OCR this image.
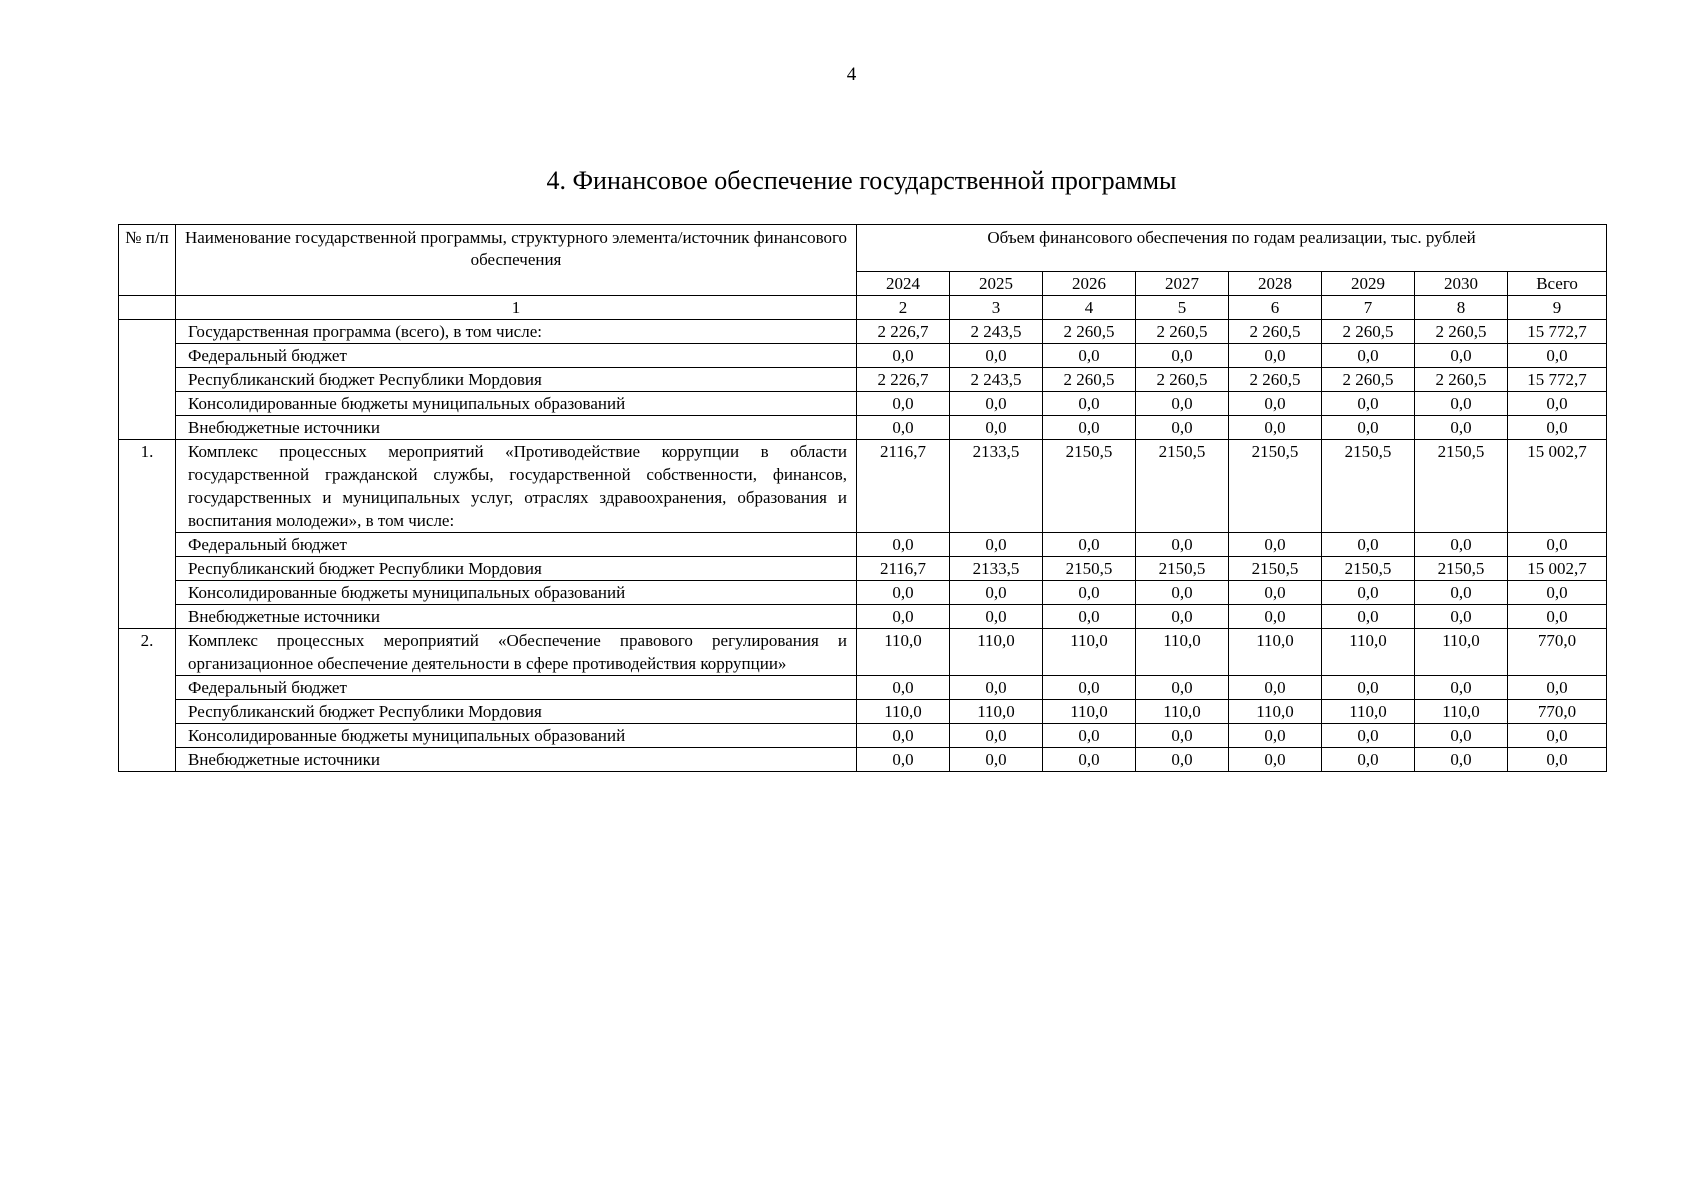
4
4. Финансовое обеспечение государственной программы
№ п/п	Наименование государственной программы, структурного элемента/источник финансового обеспечения	Объем финансового обеспечения по годам реализации, тыс. рублей							
		2024	2025	2026	2027	2028	2029	2030	Всего
	1	2	3	4	5	6	7	8	9
	Государственная программа (всего), в том числе:	2 226,7	2 243,5	2 260,5	2 260,5	2 260,5	2 260,5	2 260,5	15 772,7
	Федеральный бюджет	0,0	0,0	0,0	0,0	0,0	0,0	0,0	0,0
	Республиканский бюджет Республики Мордовия	2 226,7	2 243,5	2 260,5	2 260,5	2 260,5	2 260,5	2 260,5	15 772,7
	Консолидированные бюджеты муниципальных образований	0,0	0,0	0,0	0,0	0,0	0,0	0,0	0,0
	Внебюджетные источники	0,0	0,0	0,0	0,0	0,0	0,0	0,0	0,0
1.	Комплекс процессных мероприятий «Противодействие коррупции в области государственной гражданской службы, государственной собственности, финансов, государственных и муниципальных услуг, отраслях здравоохранения, образования и воспитания молодежи», в том числе:	2116,7	2133,5	2150,5	2150,5	2150,5	2150,5	2150,5	15 002,7
	Федеральный бюджет	0,0	0,0	0,0	0,0	0,0	0,0	0,0	0,0
	Республиканский бюджет Республики Мордовия	2116,7	2133,5	2150,5	2150,5	2150,5	2150,5	2150,5	15 002,7
	Консолидированные бюджеты муниципальных образований	0,0	0,0	0,0	0,0	0,0	0,0	0,0	0,0
	Внебюджетные источники	0,0	0,0	0,0	0,0	0,0	0,0	0,0	0,0
2.	Комплекс процессных мероприятий «Обеспечение правового регулирования и организационное обеспечение деятельности в сфере противодействия коррупции»	110,0	110,0	110,0	110,0	110,0	110,0	110,0	770,0
	Федеральный бюджет	0,0	0,0	0,0	0,0	0,0	0,0	0,0	0,0
	Республиканский бюджет Республики Мордовия	110,0	110,0	110,0	110,0	110,0	110,0	110,0	770,0
	Консолидированные бюджеты муниципальных образований	0,0	0,0	0,0	0,0	0,0	0,0	0,0	0,0
	Внебюджетные источники	0,0	0,0	0,0	0,0	0,0	0,0	0,0	0,0
